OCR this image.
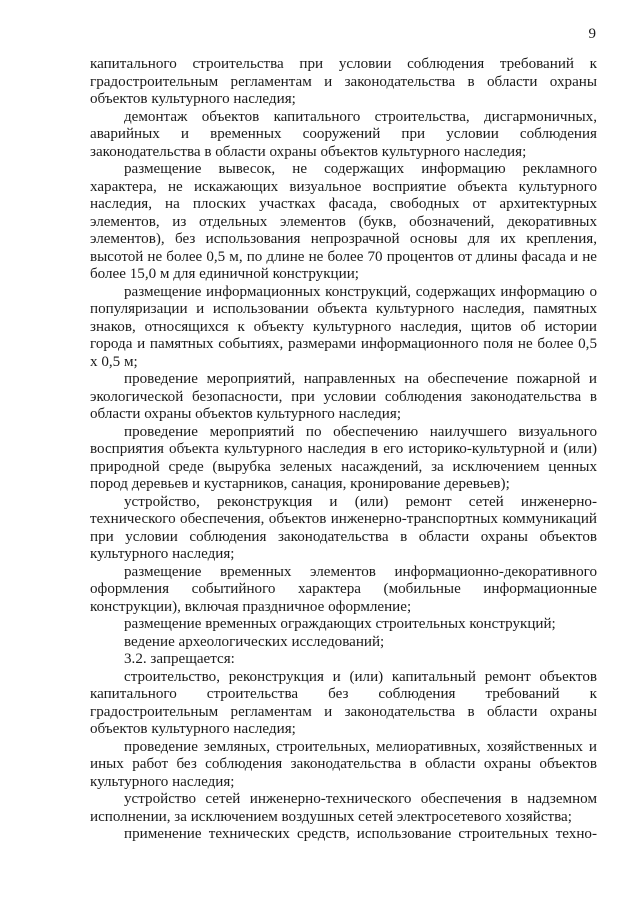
9

капитального строительства при условии соблюдения требований к градостроительным регламентам и законодательства в области охраны объектов культурного наследия;

демонтаж объектов капитального строительства, дисгармоничных, аварийных и временных сооружений при условии соблюдения законодательства в области охраны объектов культурного наследия;

размещение вывесок, не содержащих информацию рекламного характера, не искажающих визуальное восприятие объекта культурного наследия, на плоских участках фасада, свободных от архитектурных элементов, из отдельных элементов (букв, обозначений, декоративных элементов), без использования непрозрачной основы для их крепления, высотой не более 0,5 м, по длине не более 70 процентов от длины фасада и не более 15,0 м для единичной конструкции;

размещение информационных конструкций, содержащих информацию о популяризации и использовании объекта культурного наследия, памятных знаков, относящихся к объекту культурного наследия, щитов об истории города и памятных событиях, размерами информационного поля не более 0,5 х 0,5 м;

проведение мероприятий, направленных на обеспечение пожарной и экологической безопасности, при условии соблюдения законодательства в области охраны объектов культурного наследия;

проведение мероприятий по обеспечению наилучшего визуального восприятия объекта культурного наследия в его историко-культурной и (или) природной среде (вырубка зеленых насаждений, за исключением ценных пород деревьев и кустарников, санация, кронирование деревьев);

устройство, реконструкция и (или) ремонт сетей инженерно-технического обеспечения, объектов инженерно-транспортных коммуникаций при условии соблюдения законодательства в области охраны объектов культурного наследия;

размещение временных элементов информационно-декоративного оформления событийного характера (мобильные информационные конструкции), включая праздничное оформление;

размещение временных ограждающих строительных конструкций;

ведение археологических исследований;

3.2. запрещается:

строительство, реконструкция и (или) капитальный ремонт объектов капитального строительства без соблюдения требований к градостроительным регламентам и законодательства в области охраны объектов культурного наследия;

проведение земляных, строительных, мелиоративных, хозяйственных и иных работ без соблюдения законодательства в области охраны объектов культурного наследия;

устройство сетей инженерно-технического обеспечения в надземном исполнении, за исключением воздушных сетей электросетевого хозяйства;

применение технических средств, использование строительных техно-
